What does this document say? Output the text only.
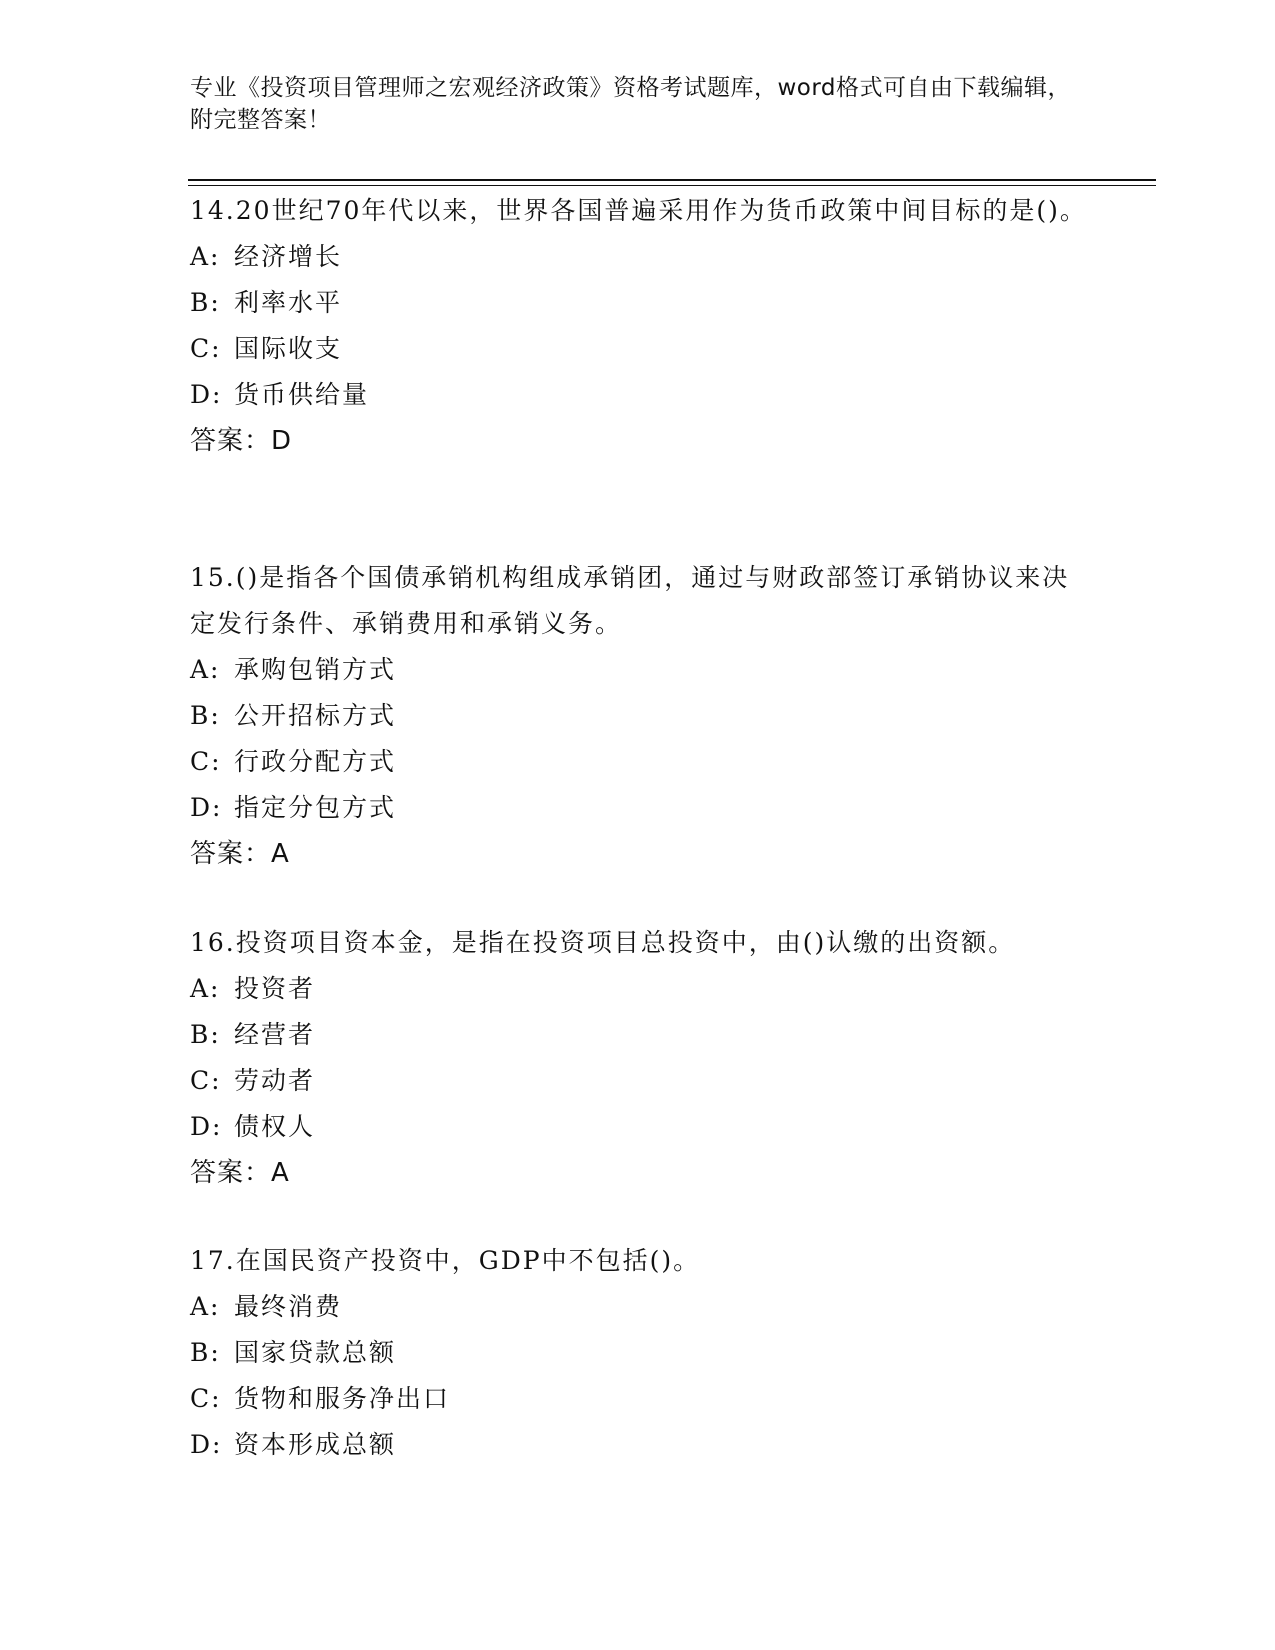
专业《投资项目管理师之宏观经济政策》资格考试题库，word格式可自由下载编辑，附完整答案！
14.20世纪70年代以来，世界各国普遍采用作为货币政策中间目标的是()。
A: 经济增长
B: 利率水平
C: 国际收支
D: 货币供给量
答案：D
15.()是指各个国债承销机构组成承销团，通过与财政部签订承销协议来决定发行条件、承销费用和承销义务。
A: 承购包销方式
B: 公开招标方式
C: 行政分配方式
D: 指定分包方式
答案：A
16.投资项目资本金，是指在投资项目总投资中，由()认缴的出资额。
A: 投资者
B: 经营者
C: 劳动者
D: 债权人
答案：A
17.在国民资产投资中，GDP中不包括()。
A: 最终消费
B: 国家贷款总额
C: 货物和服务净出口
D: 资本形成总额
